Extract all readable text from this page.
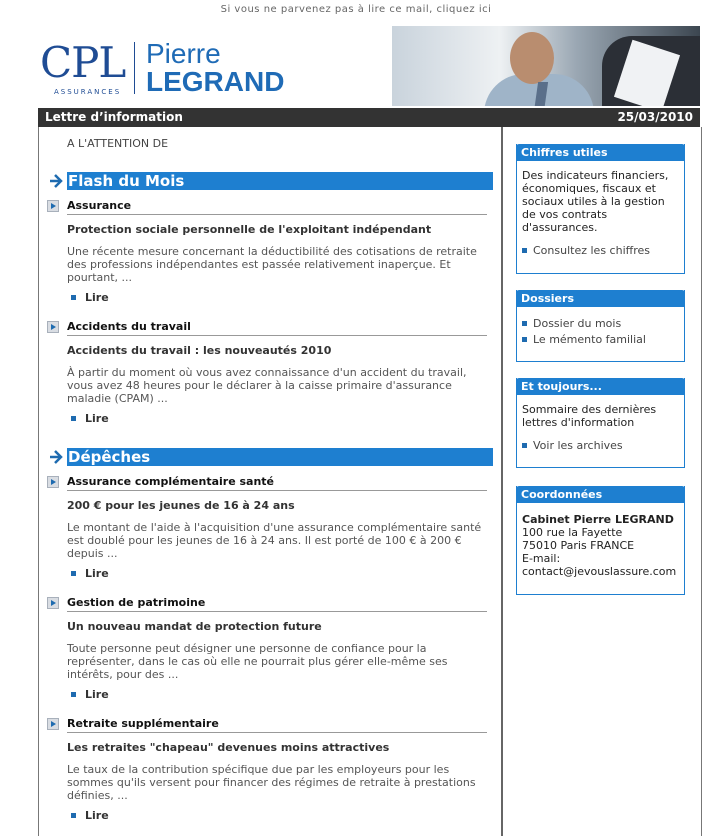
Si vous ne parvenez pas à lire ce mail, cliquez ici
CPL
ASSURANCES
Pierre
LEGRAND
Lettre d’information	25/03/2010
A L'ATTENTION DE
Flash du Mois
Assurance
Protection sociale personnelle de l'exploitant indépendant
Une récente mesure concernant la déductibilité des cotisations de retraite
des professions indépendantes est passée relativement inaperçue. Et
pourtant, ...
Lire
Accidents du travail
Accidents du travail : les nouveautés 2010
À partir du moment où vous avez connaissance d'un accident du travail,
vous avez 48 heures pour le déclarer à la caisse primaire d'assurance
maladie (CPAM) ...
Lire
Dépêches
Assurance complémentaire santé
200 € pour les jeunes de 16 à 24 ans
Le montant de l'aide à l'acquisition d'une assurance complémentaire santé
est doublé pour les jeunes de 16 à 24 ans. Il est porté de 100 € à 200 €
depuis ...
Lire
Gestion de patrimoine
Un nouveau mandat de protection future
Toute personne peut désigner une personne de confiance pour la
représenter, dans le cas où elle ne pourrait plus gérer elle-même ses
intérêts, pour des ...
Lire
Retraite supplémentaire
Les retraites "chapeau" devenues moins attractives
Le taux de la contribution spécifique due par les employeurs pour les
sommes qu'ils versent pour financer des régimes de retraite à prestations
définies, ...
Lire
Chiffres utiles
Des indicateurs financiers,
économiques, fiscaux et
sociaux utiles à la gestion
de vos contrats
d'assurances.
Consultez les chiffres
Dossiers
Dossier du mois
Le mémento familial
Et toujours...
Sommaire des dernières
lettres d'information
Voir les archives
Coordonnées
Cabinet Pierre LEGRAND
100 rue la Fayette
75010 Paris FRANCE
E-mail:
contact@jevouslassure.com
